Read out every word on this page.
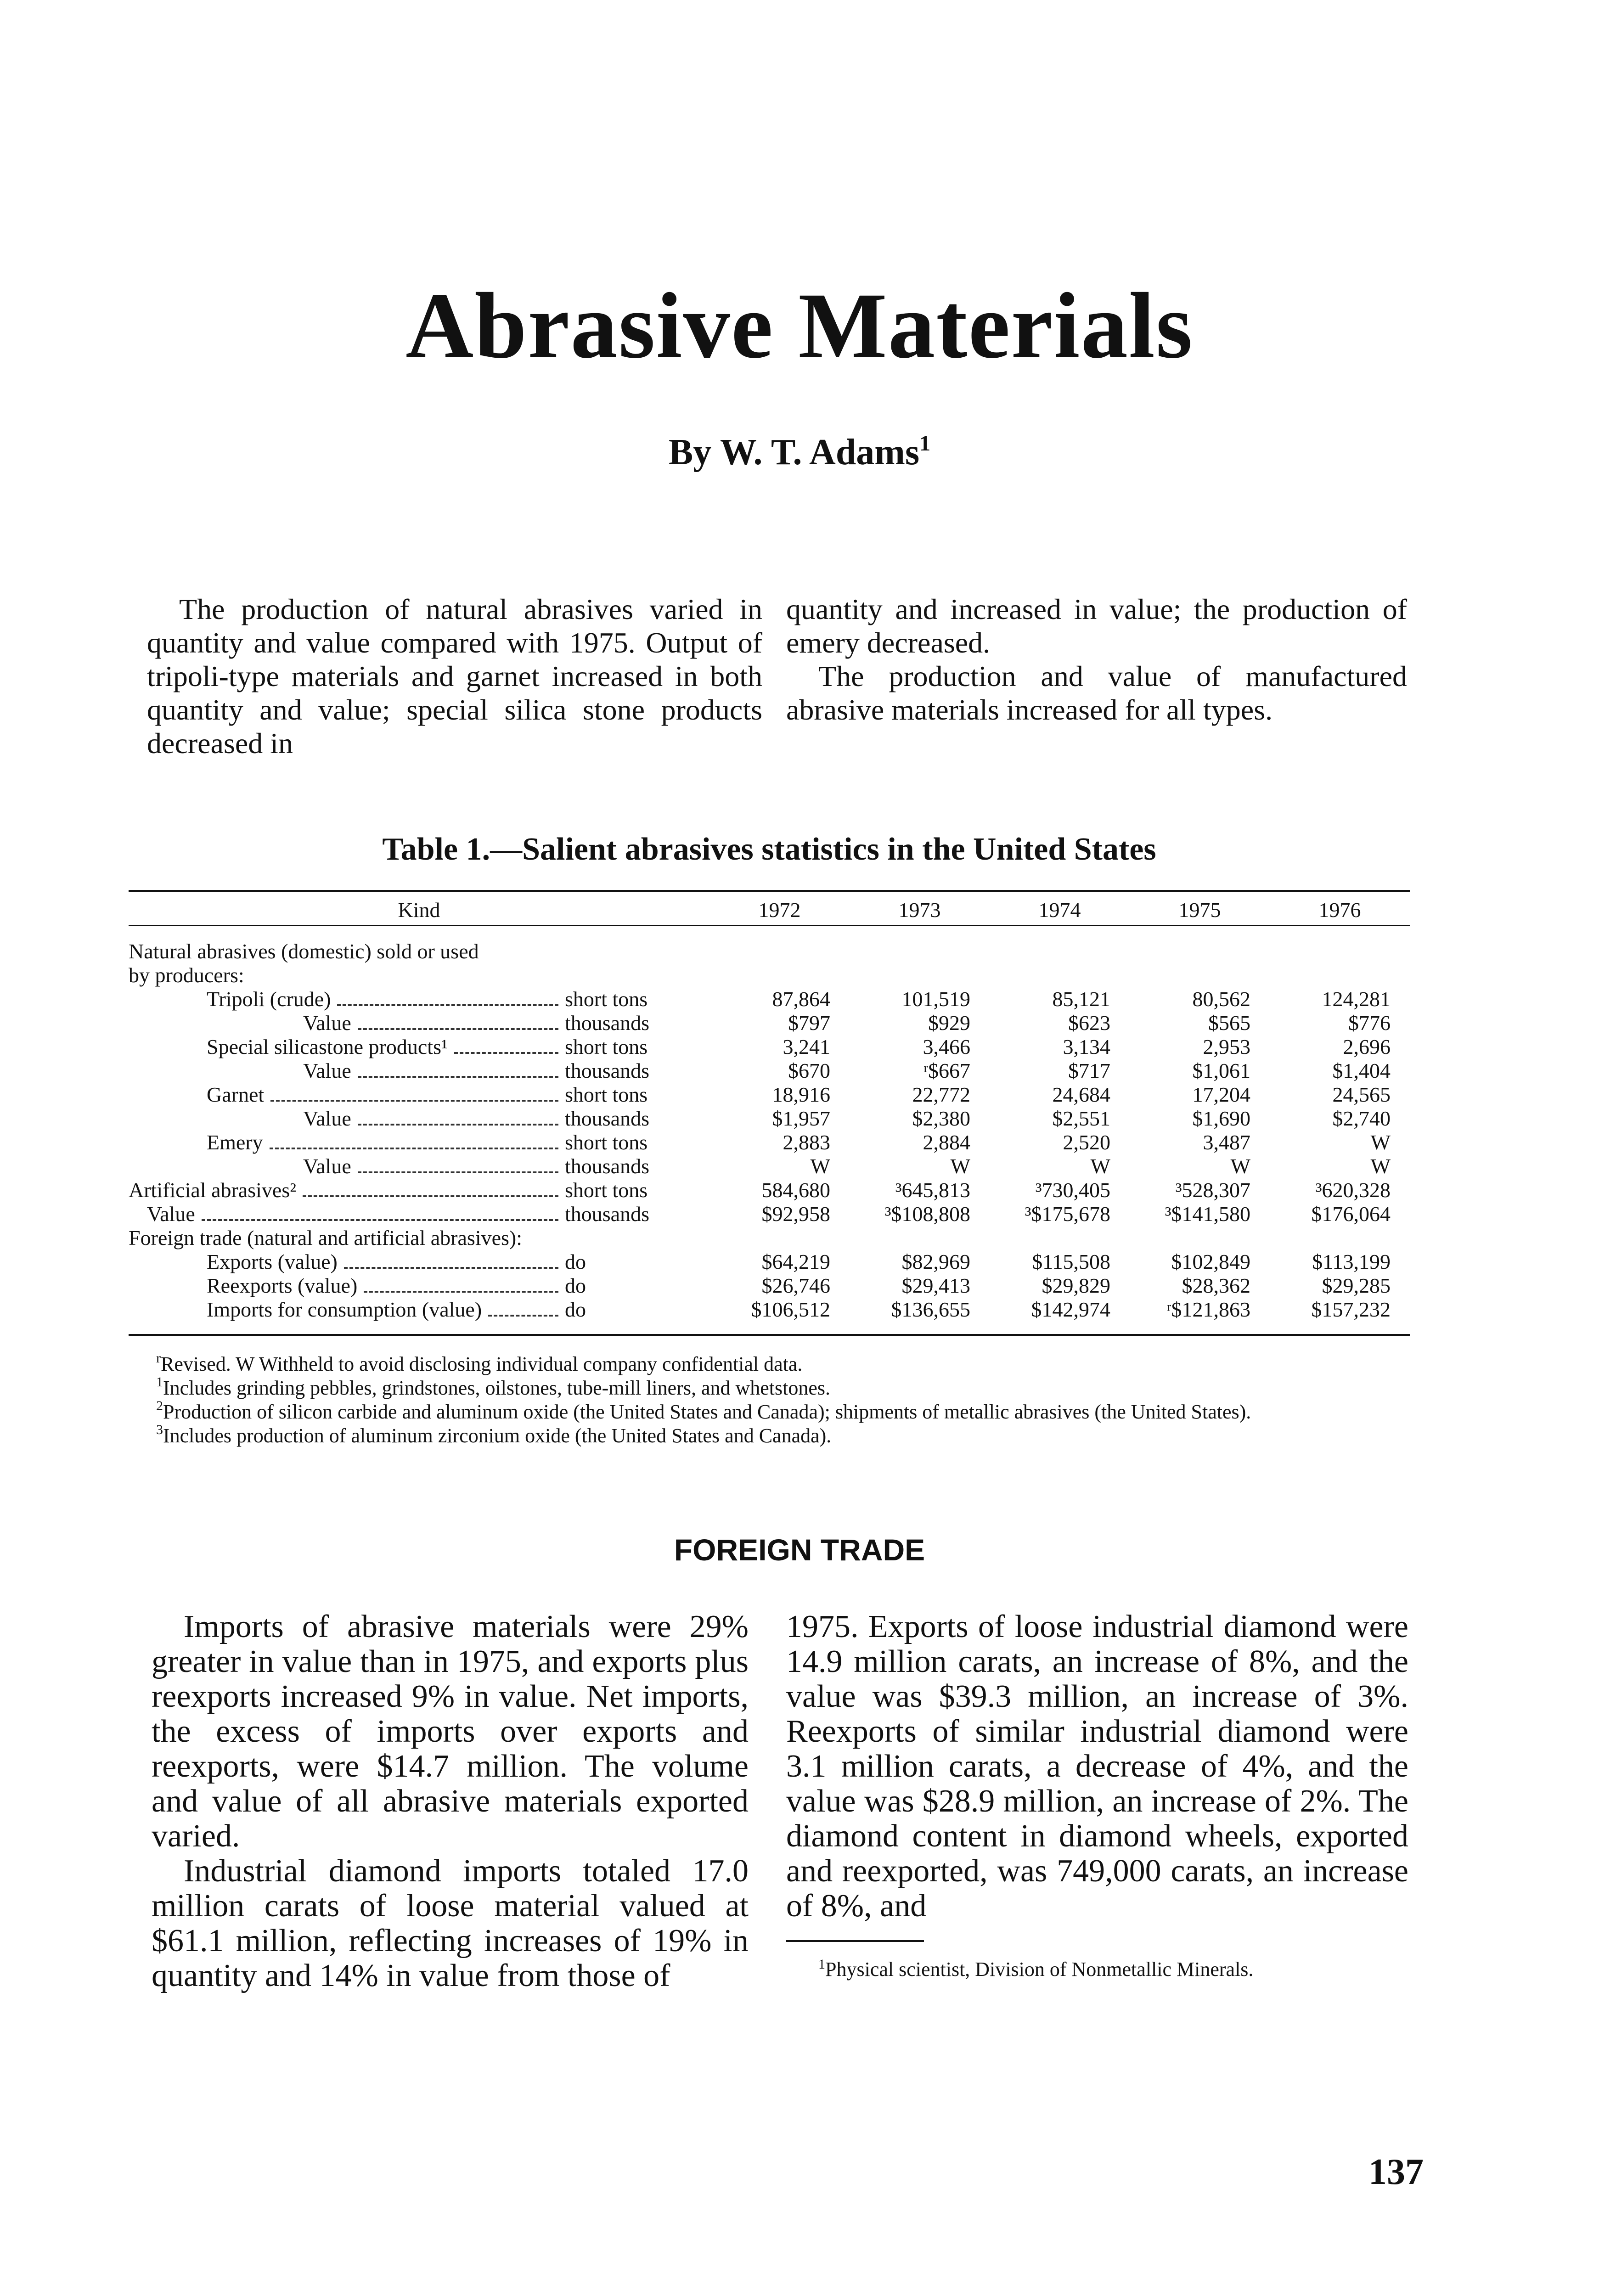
Abrasive Materials
By W. T. Adams$^1$

The production of natural abrasives varied in quantity and value compared with 1975. Output of tripoli-type materials and garnet increased in both quantity and value; special silica stone products decreased in

quantity and increased in value; the production of emery decreased.

The production and value of manufactured abrasive materials increased for all types.

Table 1.—Salient abrasives statistics in the United States
Kind	1972	1973	1974	1975	1976

Natural abrasives (domestic) sold or used					
by producers:					

Tripoli (crude) short tons	87,864	101,519	85,121	80,562	124,281

Value thousands	$797	$929	$623	$565	$776

Special silicastone products¹ short tons	3,241	3,466	3,134	2,953	2,696

Value thousands	$670	ʳ$667	$717	$1,061	$1,404

Garnet short tons	18,916	22,772	24,684	17,204	24,565

Value thousands	$1,957	$2,380	$2,551	$1,690	$2,740

Emery short tons	2,883	2,884	2,520	3,487	W

Value thousands	W	W	W	W	W

Artificial abrasives² short tons	584,680	³645,813	³730,405	³528,307	³620,328

Value thousands	$92,958	³$108,808	³$175,678	³$141,580	$176,064
Foreign trade (natural and artificial abrasives):					

Exports (value) do	$64,219	$82,969	$115,508	$102,849	$113,199

Reexports (value) do	$26,746	$29,413	$29,829	$28,362	$29,285

Imports for consumption (value) do	$106,512	$136,655	$142,974	ʳ$121,863	$157,232

$^r$Revised. W Withheld to avoid disclosing individual company confidential data.

$^1$Includes grinding pebbles, grindstones, oilstones, tube-mill liners, and whetstones.

$^2$Production of silicon carbide and aluminum oxide (the United States and Canada); shipments of metallic abrasives (the United States).

$^3$Includes production of aluminum zirconium oxide (the United States and Canada).

FOREIGN TRADE

Imports of abrasive materials were 29% greater in value than in 1975, and exports plus reexports increased 9% in value. Net imports, the excess of imports over exports and reexports, were $14.7 million. The volume and value of all abrasive materials exported varied.

Industrial diamond imports totaled 17.0 million carats of loose material valued at $61.1 million, reflecting increases of 19% in quantity and 14% in value from those of

1975. Exports of loose industrial diamond were 14.9 million carats, an increase of 8%, and the value was $39.3 million, an increase of 3%. Reexports of similar industrial diamond were 3.1 million carats, a decrease of 4%, and the value was $28.9 million, an increase of 2%. The diamond content in diamond wheels, exported and reexported, was 749,000 carats, an increase of 8%, and

$^1$Physical scientist, Division of Nonmetallic Minerals.
137
